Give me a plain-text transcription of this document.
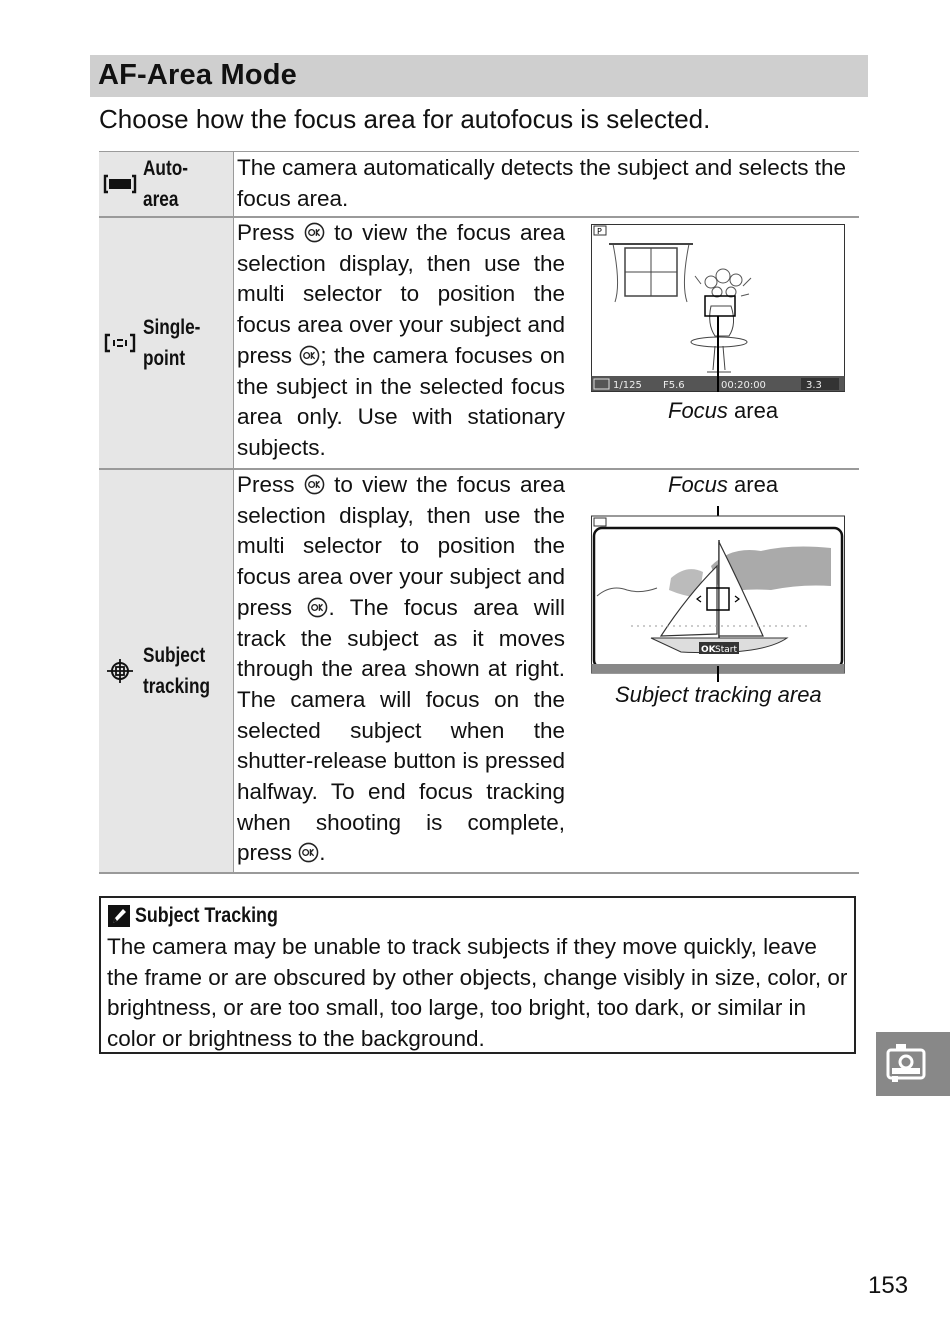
AF-Area Mode
Choose how the focus area for autofocus is selected.
Auto-area
The camera automatically detects the subject and selects the focus area.
Single-point
Press  to view the focus area selection display, then use the multi selector to position the focus area over your subject and press ; the camera focuses on the subject in the selected focus area only. Use with stationary subjects.
P
1/125 F5.6	00:20:00	3.3
Focus area
Subject tracking
Press  to view the focus area selection display, then use the multi selector to position the focus area over your subject and press . The focus area will track the subject as it moves through the area shown at right. The camera will focus on the selected subject when the shutter-release button is pressed halfway. To end focus tracking when shooting is complete, press .
Focus area
OK Start
Subject tracking area
Subject Tracking
The camera may be unable to track subjects if they move quickly, leave the frame or are obscured by other objects, change visibly in size, color, or brightness, or are too small, too large, too bright, too dark, or similar in color or brightness to the background.
153
